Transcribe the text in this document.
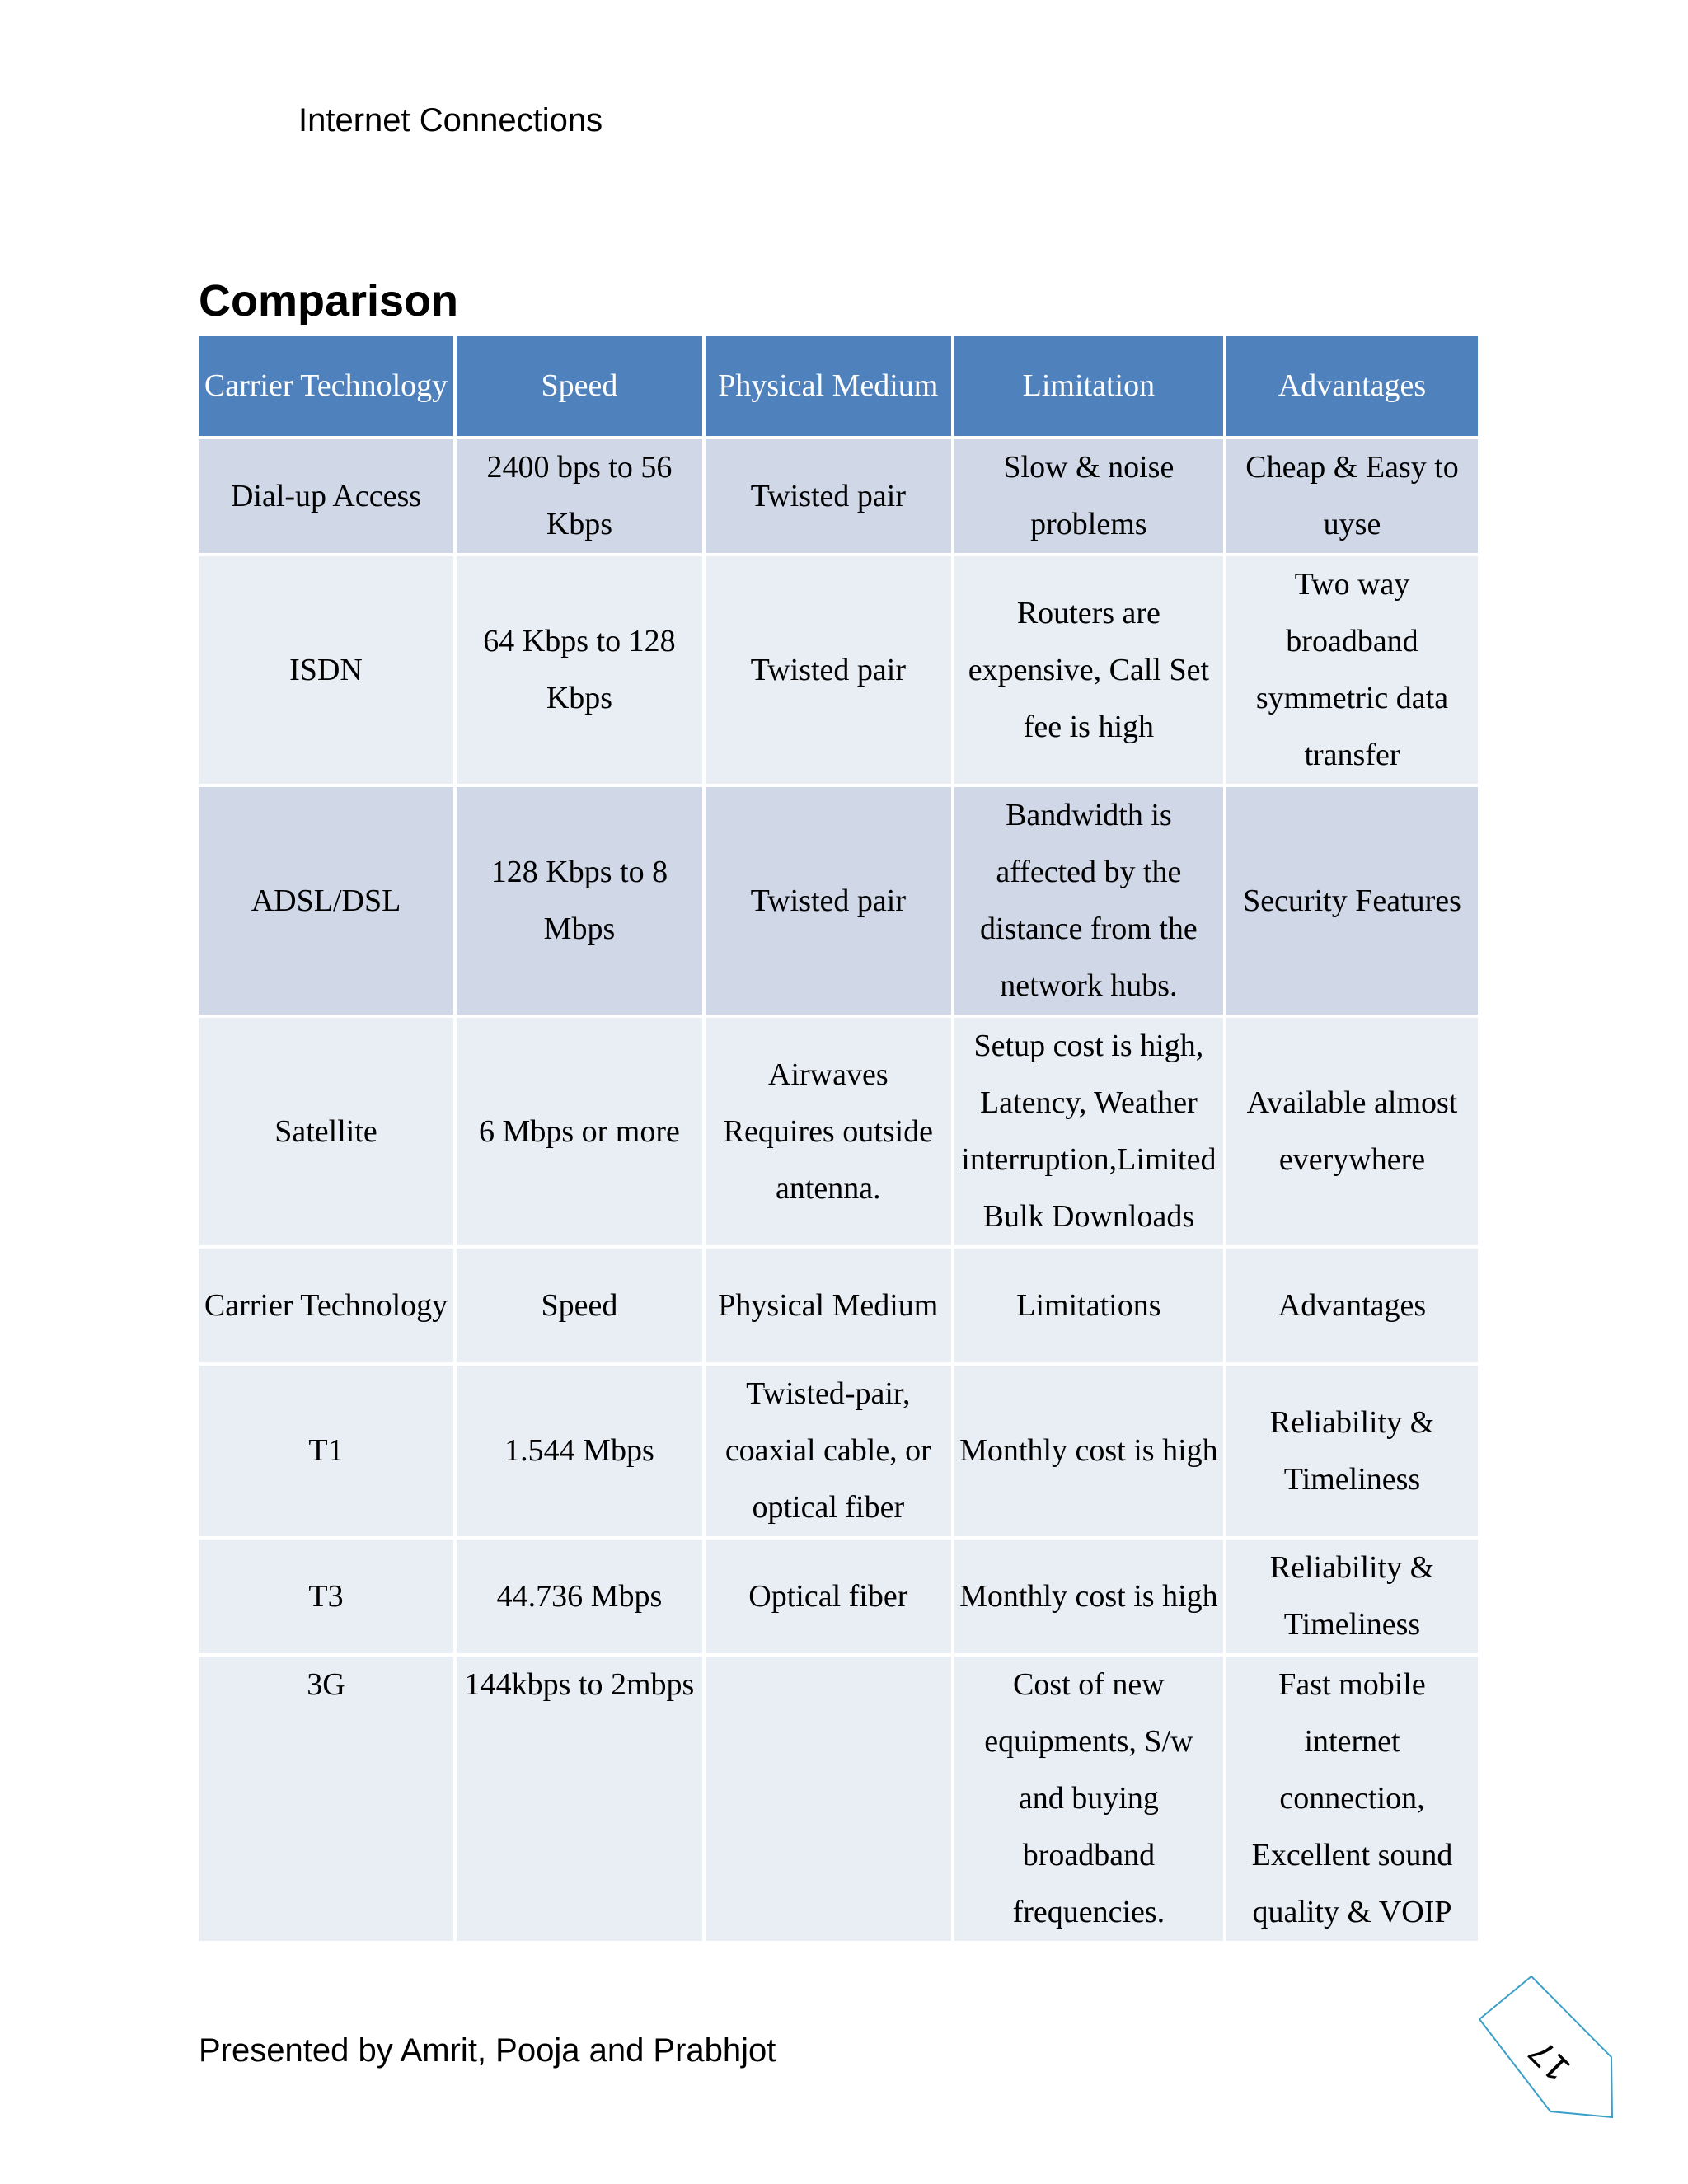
Internet Connections
Comparison
Carrier Technology	Speed	Physical Medium	Limitation	Advantages
Dial-up Access	2400 bps to 56 Kbps	Twisted pair	Slow & noise problems	Cheap & Easy to uyse
ISDN	64 Kbps to 128 Kbps	Twisted pair	Routers are expensive, Call Set fee is high	Two way broadband symmetric data transfer
ADSL/DSL	128 Kbps to 8 Mbps	Twisted pair	Bandwidth is affected by the distance from the network hubs.	Security Features
Satellite	6 Mbps or more	Airwaves Requires outside antenna.	Setup cost is high, Latency, Weather interruption,Limited Bulk Downloads	Available almost everywhere
Carrier Technology	Speed	Physical Medium	Limitations	Advantages
T1	1.544 Mbps	Twisted-pair, coaxial cable, or optical fiber	Monthly cost is high	Reliability & Timeliness
T3	44.736 Mbps	Optical fiber	Monthly cost is high	Reliability & Timeliness
3G	144kbps to 2mbps		Cost of new equipments, S/w and buying broadband frequencies.	Fast mobile internet connection, Excellent sound quality & VOIP
Presented by Amrit, Pooja and Prabhjot	17
